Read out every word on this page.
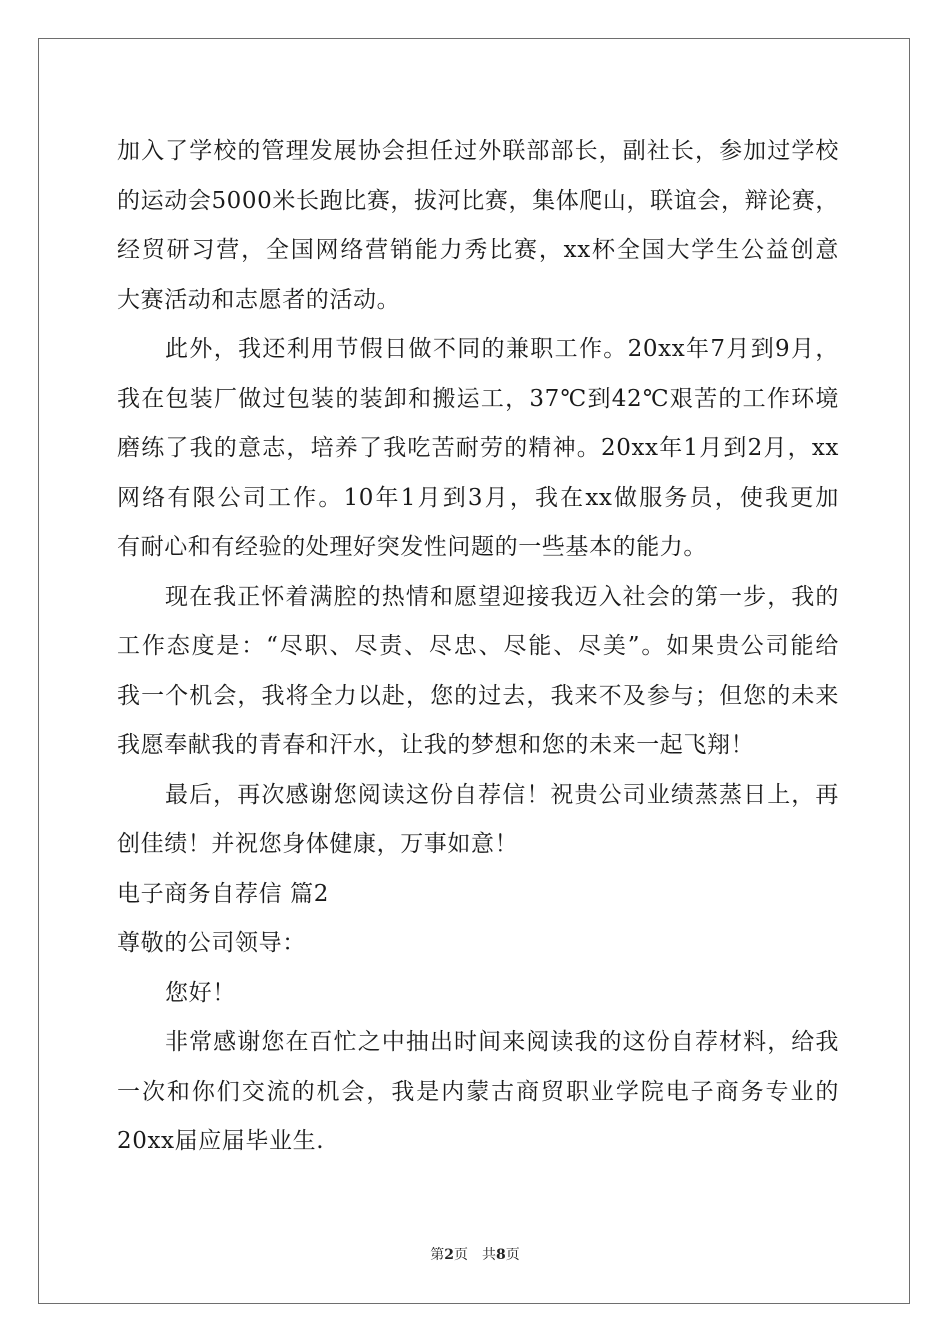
加入了学校的管理发展协会担任过外联部部长，副社长，参加过学校
的运动会5000米长跑比赛，拔河比赛，集体爬山，联谊会，辩论赛，
经贸研习营，全国网络营销能力秀比赛，xx杯全国大学生公益创意
大赛活动和志愿者的活动。
此外，我还利用节假日做不同的兼职工作。20xx年7月到9月，
我在包装厂做过包装的装卸和搬运工，37℃到42℃艰苦的工作环境
磨练了我的意志，培养了我吃苦耐劳的精神。20xx年1月到2月，xx
网络有限公司工作。10年1月到3月，我在xx做服务员，使我更加
有耐心和有经验的处理好突发性问题的一些基本的能力。
现在我正怀着满腔的热情和愿望迎接我迈入社会的第一步，我的
工作态度是：“尽职、尽责、尽忠、尽能、尽美”。如果贵公司能给
我一个机会，我将全力以赴，您的过去，我来不及参与；但您的未来
我愿奉献我的青春和汗水，让我的梦想和您的未来一起飞翔！
最后，再次感谢您阅读这份自荐信！祝贵公司业绩蒸蒸日上，再
创佳绩！并祝您身体健康，万事如意！
电子商务自荐信 篇2
尊敬的公司领导：
您好！
非常感谢您在百忙之中抽出时间来阅读我的这份自荐材料，给我
一次和你们交流的机会，我是内蒙古商贸职业学院电子商务专业的
20xx届应届毕业生.
第2页 共8页
